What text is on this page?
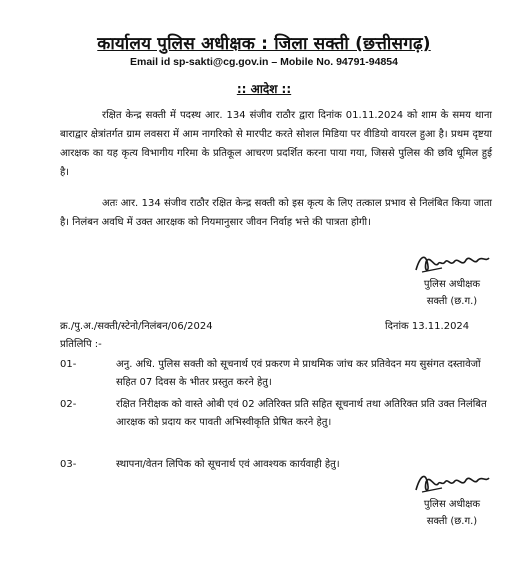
कार्यालय पुलिस अधीक्षक : जिला सक्ती (छत्तीसगढ़)
Email id sp-sakti@cg.gov.in – Mobile No. 94791-94854
:: आदेश ::
रक्षित केन्द्र सक्ती में पदस्थ आर. 134 संजीव राठौर द्वारा दिनांक 01.11.2024 को शाम के समय थाना बाराद्वार क्षेत्रांतर्गत ग्राम लवसरा में आम नागरिको से मारपीट करते सोशल मिडिया पर वीडियो वायरल हुआ है। प्रथम दृष्टया आरक्षक का यह कृत्य विभागीय गरिमा के प्रतिकूल आचरण प्रदर्शित करना पाया गया, जिससे पुलिस की छवि धूमिल हुई है।
अतः आर. 134 संजीव राठौर रक्षित केन्द्र सक्ती को इस कृत्य के लिए तत्काल प्रभाव से निलंबित किया जाता है। निलंबन अवधि में उक्त आरक्षक को नियमानुसार जीवन निर्वाह भत्ते की पात्रता होगी।
पुलिस अधीक्षक
सक्ती (छ.ग.)
क्र./पु.अ./सक्ती/स्टेनो/निलंबन/06/2024	दिनांक 13.11.2024
प्रतिलिपि :-
01-	अनु. अधि. पुलिस सक्ती को सूचनार्थ एवं प्रकरण मे प्राथमिक जांच कर प्रतिवेदन मय सुसंगत दस्तावेजों सहित 07 दिवस के भीतर प्रस्तुत करने हेतु।
02-	रक्षित निरीक्षक को वास्ते ओबी एवं 02 अतिरिक्त प्रति सहित सूचनार्थ तथा अतिरिक्त प्रति उक्त निलंबित आरक्षक को प्रदाय कर पावती अभिस्वीकृति प्रेषित करने हेतु।
03-	स्थापना/वेतन लिपिक को सूचनार्थ एवं आवश्यक कार्यवाही हेतु।
पुलिस अधीक्षक
सक्ती (छ.ग.)
